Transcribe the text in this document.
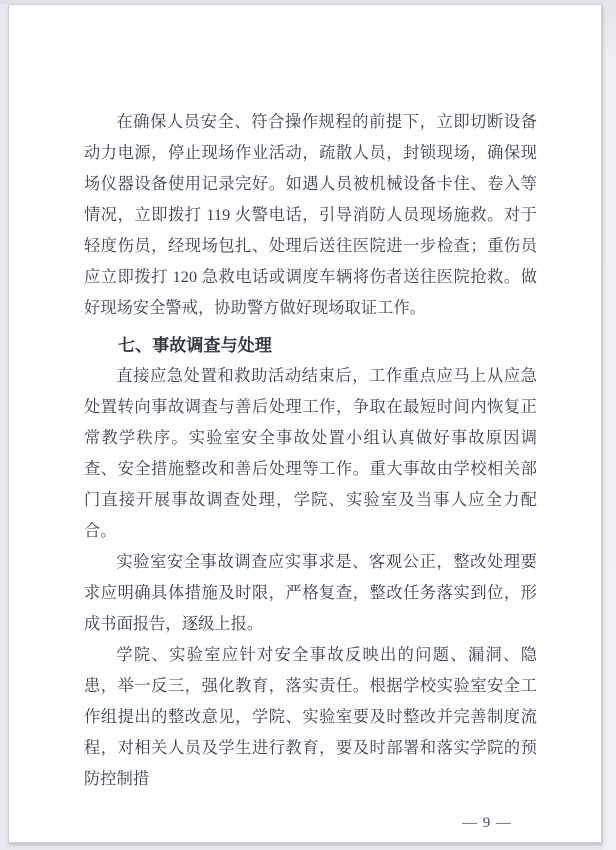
在确保人员安全、符合操作规程的前提下，立即切断设备动力电源，停止现场作业活动，疏散人员，封锁现场，确保现场仪器设备使用记录完好。如遇人员被机械设备卡住、卷入等情况，立即拨打 119 火警电话，引导消防人员现场施救。对于轻度伤员，经现场包扎、处理后送往医院进一步检查；重伤员应立即拨打 120 急救电话或调度车辆将伤者送往医院抢救。做好现场安全警戒，协助警方做好现场取证工作。

七、事故调查与处理

直接应急处置和救助活动结束后，工作重点应马上从应急处置转向事故调查与善后处理工作，争取在最短时间内恢复正常教学秩序。实验室安全事故处置小组认真做好事故原因调查、安全措施整改和善后处理等工作。重大事故由学校相关部门直接开展事故调查处理，学院、实验室及当事人应全力配合。

实验室安全事故调查应实事求是、客观公正，整改处理要求应明确具体措施及时限，严格复查，整改任务落实到位，形成书面报告，逐级上报。

学院、实验室应针对安全事故反映出的问题、漏洞、隐患，举一反三，强化教育，落实责任。根据学校实验室安全工作组提出的整改意见，学院、实验室要及时整改并完善制度流程，对相关人员及学生进行教育，要及时部署和落实学院的预防控制措

— 9 —
